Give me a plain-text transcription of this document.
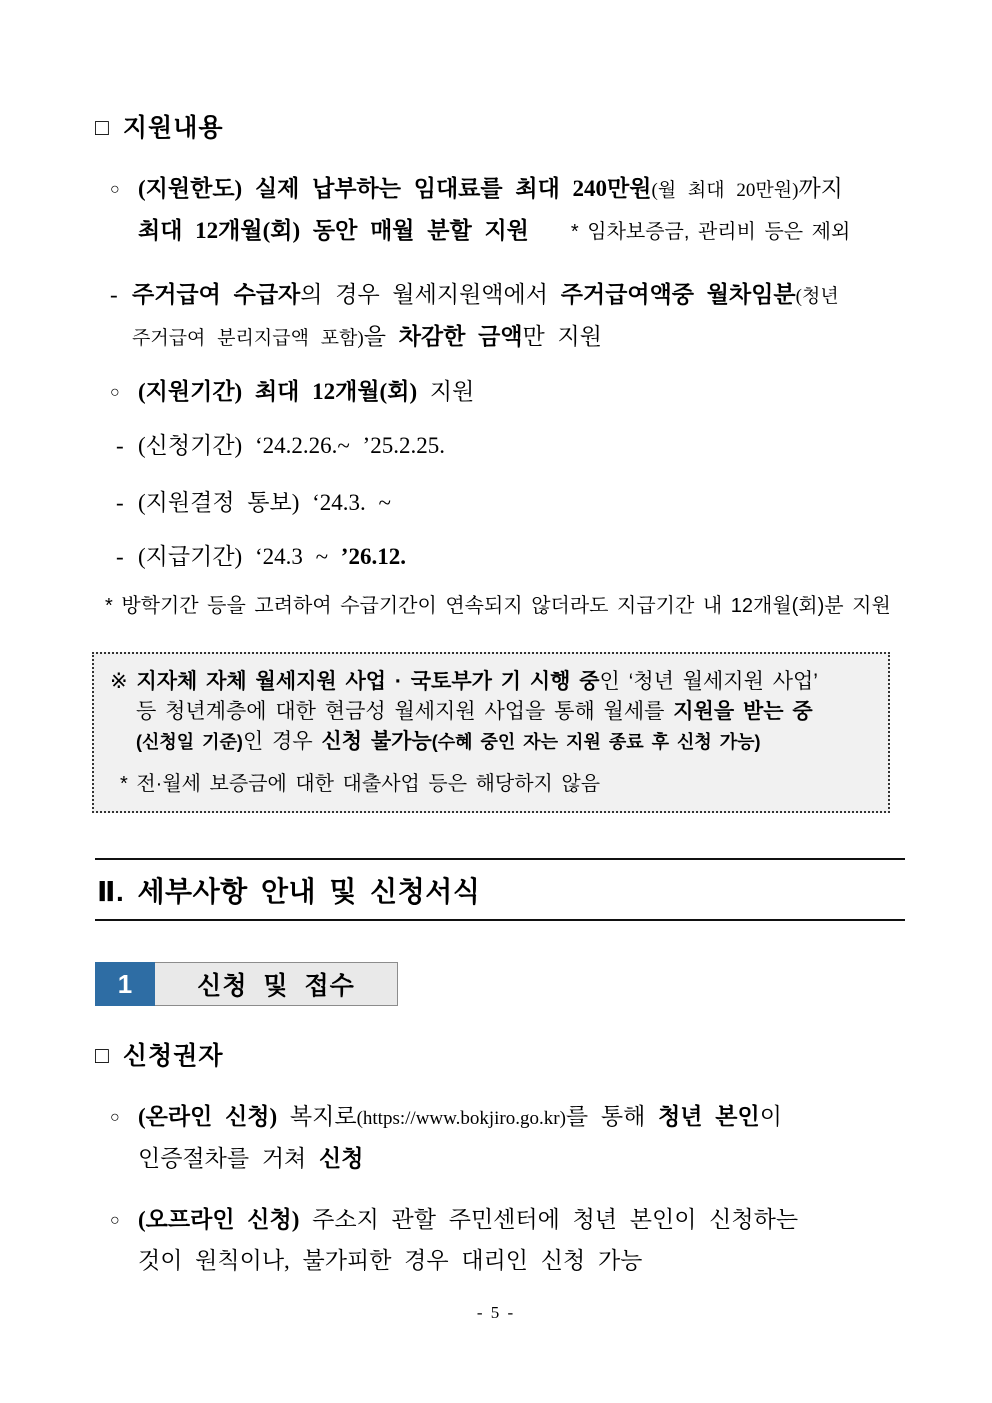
□ 지원내용
○ (지원한도) 실제 납부하는 임대료를 최대 240만원(월 최대 20만원)까지
최대 12개월(회) 동안 매월 분할 지원 * 임차보증금, 관리비 등은 제외
- 주거급여 수급자의 경우 월세지원액에서 주거급여액중 월차임분(청년
주거급여 분리지급액 포함)을 차감한 금액만 지원
○ (지원기간) 최대 12개월(회) 지원
- (신청기간) ‘24.2.26.~ ’25.2.25.
- (지원결정 통보) ‘24.3. ~
- (지급기간) ‘24.3 ~ ’26.12.
* 방학기간 등을 고려하여 수급기간이 연속되지 않더라도 지급기간 내 12개월(회)분 지원
※ 지자체 자체 월세지원 사업 · 국토부가 기 시행 중인 ‘청년 월세지원 사업’
등 청년계층에 대한 현금성 월세지원 사업을 통해 월세를 지원을 받는 중
(신청일 기준)인 경우 신청 불가능(수혜 중인 자는 지원 종료 후 신청 가능)
* 전·월세 보증금에 대한 대출사업 등은 해당하지 않음
Ⅱ. 세부사항 안내 및 신청서식
1	신청 및 접수
□ 신청권자
○ (온라인 신청) 복지로(https://www.bokjiro.go.kr)를 통해 청년 본인이
인증절차를 거쳐 신청
○ (오프라인 신청) 주소지 관할 주민센터에 청년 본인이 신청하는
것이 원칙이나, 불가피한 경우 대리인 신청 가능
- 5 -
